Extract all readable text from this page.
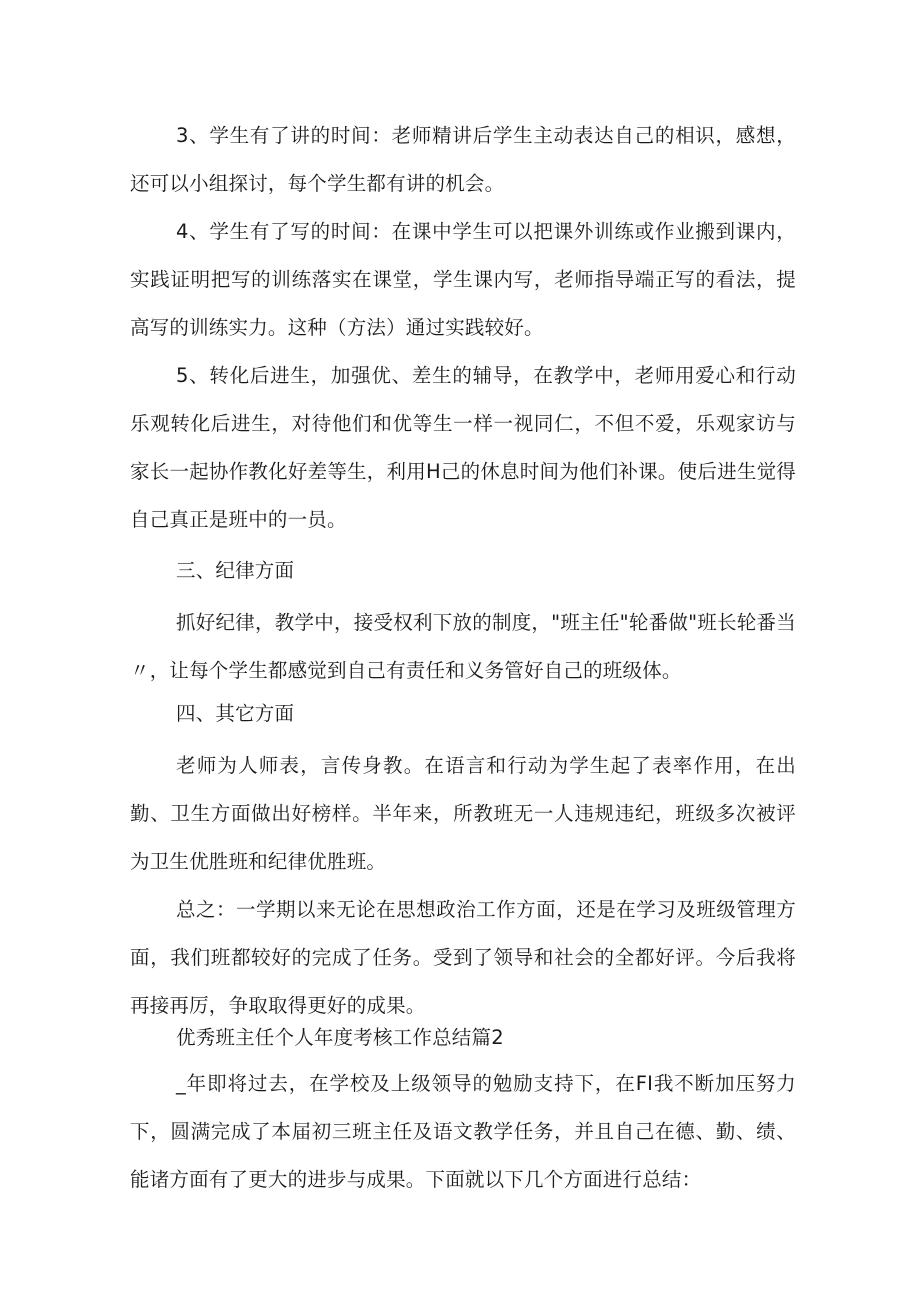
3、学生有了讲的时间：老师精讲后学生主动表达自己的相识，感想，还可以小组探讨，每个学生都有讲的机会。

4、学生有了写的时间：在课中学生可以把课外训练或作业搬到课内，实践证明把写的训练落实在课堂，学生课内写，老师指导端正写的看法，提高写的训练实力。这种（方法）通过实践较好。

5、转化后进生，加强优、差生的辅导，在教学中，老师用爱心和行动乐观转化后进生，对待他们和优等生一样一视同仁，不但不爱，乐观家访与家长一起协作教化好差等生，利用H己的休息时间为他们补课。使后进生觉得自己真正是班中的一员。

三、纪律方面

抓好纪律，教学中，接受权利下放的制度，"班主任"轮番做"班长轮番当〃，让每个学生都感觉到自己有责任和义务管好自己的班级体。

四、其它方面

老师为人师表，言传身教。在语言和行动为学生起了表率作用，在出勤、卫生方面做出好榜样。半年来，所教班无一人违规违纪，班级多次被评为卫生优胜班和纪律优胜班。

总之：一学期以来无论在思想政治工作方面，还是在学习及班级管理方面，我们班都较好的完成了任务。受到了领导和社会的全都好评。今后我将再接再厉，争取取得更好的成果。

优秀班主任个人年度考核工作总结篇2

_年即将过去，在学校及上级领导的勉励支持下，在FI我不断加压努力下，圆满完成了本届初三班主任及语文教学任务，并且自己在德、勤、绩、能诸方面有了更大的进步与成果。下面就以下几个方面进行总结：
